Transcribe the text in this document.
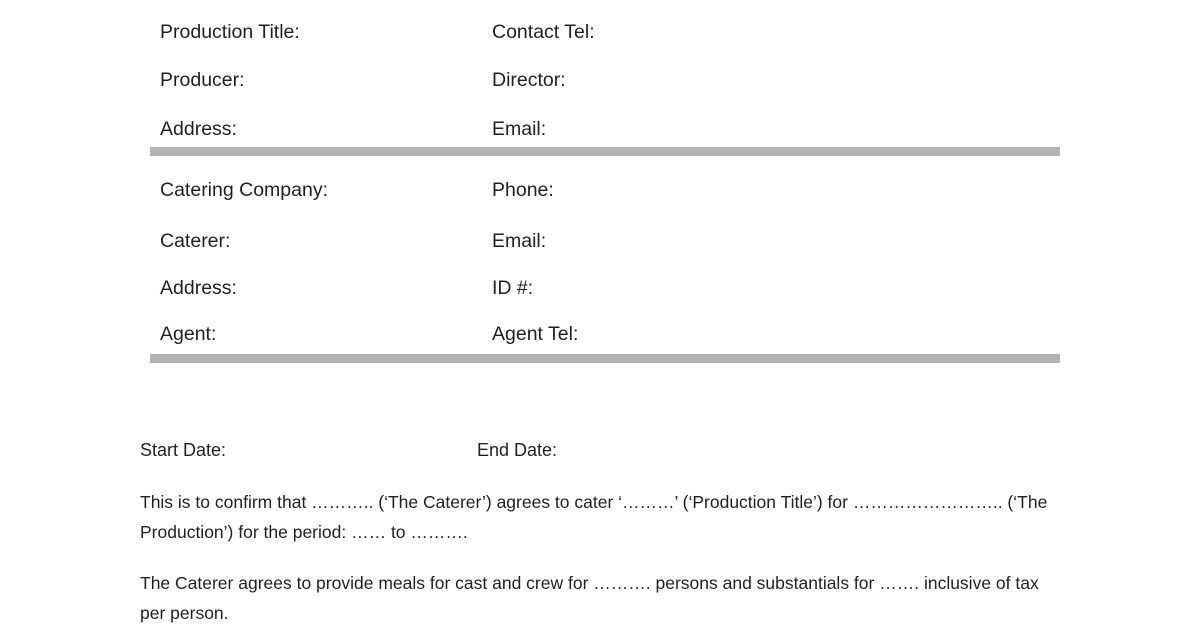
Production Title:	Contact Tel:
Producer:	Director:
Address:	Email:
Catering Company:	Phone:
Caterer:	Email:
Address:	ID #:
Agent:	Agent Tel:
Start Date:	End Date:
This is to confirm that ……….. (‘The Caterer’) agrees to cater ‘………’ (‘Production Title’) for …………………….. (‘The Production’) for the period: …… to ……….
The Caterer agrees to provide meals for cast and crew for ………. persons and substantials for ……. inclusive of tax per person.
